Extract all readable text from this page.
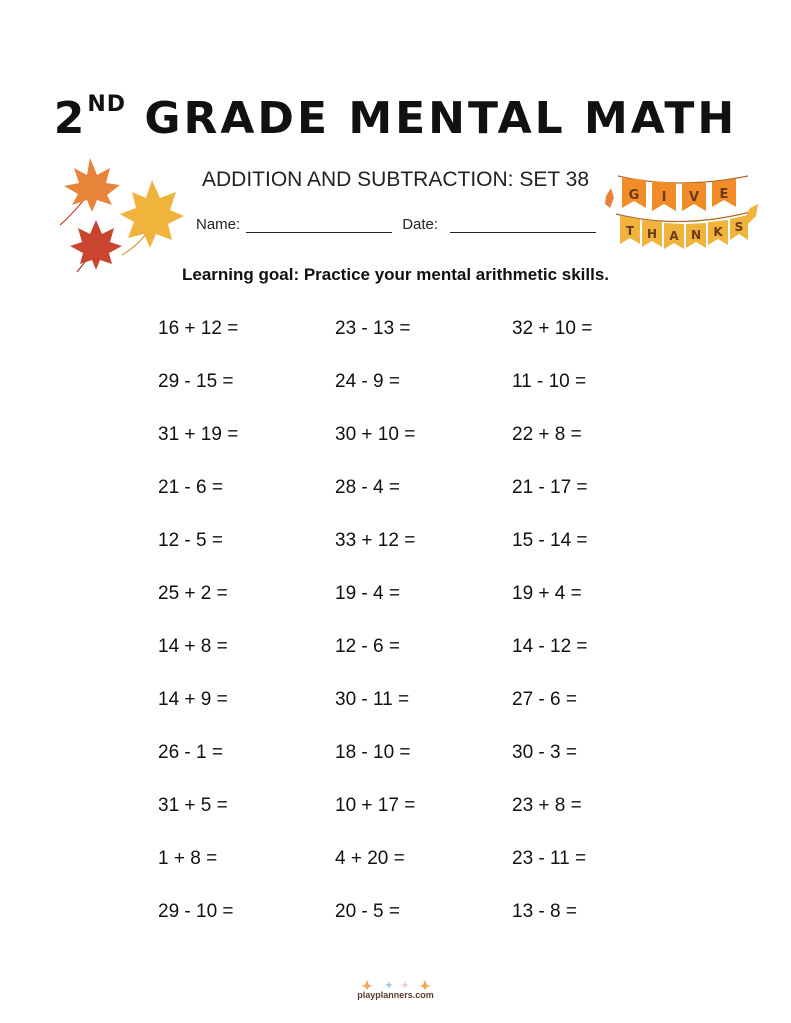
2ND GRADE MENTAL MATH
ADDITION AND SUBTRACTION: SET 38
Name:	Date:
Learning goal: Practice your mental arithmetic skills.
G I V E
T H A N K S
16 + 12 =	23 - 13 =	32 + 10 =
29 - 15 =	24 - 9 =	11 - 10 =
31 + 19 =	30 + 10 =	22 + 8 =
21 - 6 =	28 - 4 =	21 - 17 =
12 - 5 =	33 + 12 =	15 - 14 =
25 + 2 =	19 - 4 =	19 + 4 =
14 + 8 =	12 - 6 =	14 - 12 =
14 + 9 =	30 - 11 =	27 - 6 =
26 - 1 =	18 - 10 =	30 - 3 =
31 + 5 =	10 + 17 =	23 + 8 =
1 + 8 =	4 + 20 =	23 - 11 =
29 - 10 =	20 - 5 =	13 - 8 =
playplanners.com
